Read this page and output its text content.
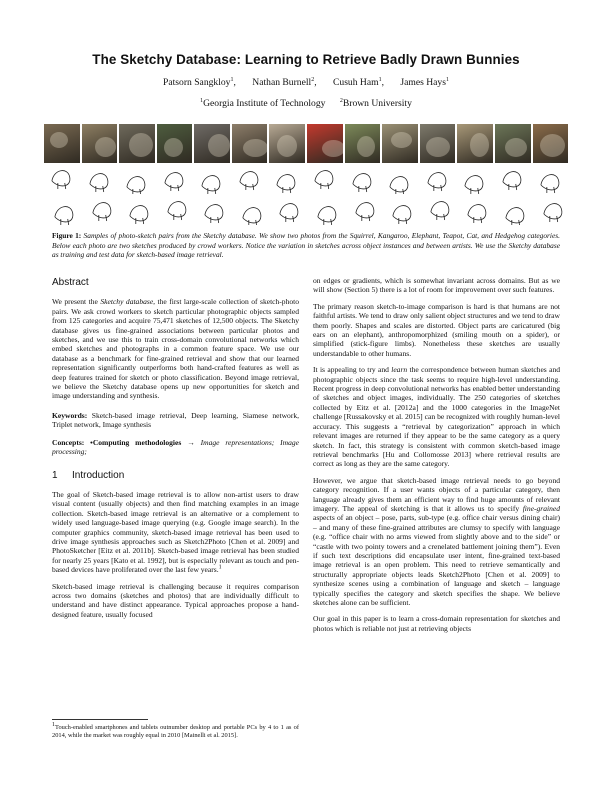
The Sketchy Database: Learning to Retrieve Badly Drawn Bunnies
Patsorn Sangkloy$^1$, Nathan Burnell$^2$, Cusuh Ham$^1$, James Hays$^1$
$^1$Georgia Institute of Technology $^2$Brown University
Figure 1: Samples of photo-sketch pairs from the Sketchy database. We show two photos from the Squirrel, Kangaroo, Elephant, Teapot, Cat, and Hedgehog categories. Below each photo are two sketches produced by crowd workers. Notice the variation in sketches across object instances and between artists. We use the Sketchy database as training and test data for sketch-based image retrieval.
Abstract

We present the Sketchy database, the first large-scale collection of sketch-photo pairs. We ask crowd workers to sketch particular photographic objects sampled from 125 categories and acquire 75,471 sketches of 12,500 objects. The Sketchy database gives us fine-grained associations between particular photos and sketches, and we use this to train cross-domain convolutional networks which embed sketches and photographs in a common feature space. We use our database as a benchmark for fine-grained retrieval and show that our learned representation significantly outperforms both hand-crafted features as well as deep features trained for sketch or photo classification. Beyond image retrieval, we believe the Sketchy database opens up new opportunities for sketch and image understanding and synthesis.

Keywords: Sketch-based image retrieval, Deep learning, Siamese network, Triplet network, Image synthesis

Concepts: •Computing methodologies → Image representations; Image processing;

1 Introduction

The goal of Sketch-based image retrieval is to allow non-artist users to draw visual content (usually objects) and then find matching examples in an image collection. Sketch-based image retrieval is an alternative or a complement to widely used language-based image querying (e.g. Google image search). In the computer graphics community, sketch-based image retrieval has been used to drive image synthesis approaches such as Sketch2Photo [Chen et al. 2009] and PhotoSketcher [Eitz et al. 2011b]. Sketch-based image retrieval has been studied for nearly 25 years [Kato et al. 1992], but is especially relevant as touch and pen-based devices have proliferated over the last few years.$^1$

Sketch-based image retrieval is challenging because it requires comparison across two domains (sketches and photos) that are individually difficult to understand and have distinct appearance. Typical approaches propose a hand-designed feature, usually focused

$^1$Touch-enabled smartphones and tablets outnumber desktop and portable PCs by 4 to 1 as of 2014, while the market was roughly equal in 2010 [Mainelli et al. 2015].

on edges or gradients, which is somewhat invariant across domains. But as we will show (Section 5) there is a lot of room for improvement over such features.

The primary reason sketch-to-image comparison is hard is that humans are not faithful artists. We tend to draw only salient object structures and we tend to draw them poorly. Shapes and scales are distorted. Object parts are caricatured (big ears on an elephant), anthropomorphized (smiling mouth on a spider), or simplified (stick-figure limbs). Nonetheless these sketches are usually understandable to other humans.

It is appealing to try and learn the correspondence between human sketches and photographic objects since the task seems to require high-level understanding. Recent progress in deep convolutional networks has enabled better understanding of sketches and object images, individually. The 250 categories of sketches collected by Eitz et al. [2012a] and the 1000 categories in the ImageNet challenge [Russakovsky et al. 2015] can be recognized with roughly human-level accuracy. This suggests a “retrieval by categorization” approach in which relevant images are returned if they appear to be the same category as a query sketch. In fact, this strategy is consistent with common sketch-based image retrieval benchmarks [Hu and Collomosse 2013] where retrieval results are correct as long as they are the same category.

However, we argue that sketch-based image retrieval needs to go beyond category recognition. If a user wants objects of a particular category, then language already gives them an efficient way to find huge amounts of relevant imagery. The appeal of sketching is that it allows us to specify fine-grained aspects of an object – pose, parts, sub-type (e.g. office chair versus dining chair) – and many of these fine-grained attributes are clumsy to specify with language (e.g. “office chair with no arms viewed from slightly above and to the side” or “castle with two pointy towers and a crenelated battlement joining them”). Even if such text descriptions did encapsulate user intent, fine-grained text-based image retrieval is an open problem. This need to retrieve semantically and structurally appropriate objects leads Sketch2Photo [Chen et al. 2009] to synthesize scenes using a combination of language and sketch – language typically specifies the category and sketch specifies the shape. We believe sketches alone can be sufficient.

Our goal in this paper is to learn a cross-domain representation for sketches and photos which is reliable not just at retrieving objects
